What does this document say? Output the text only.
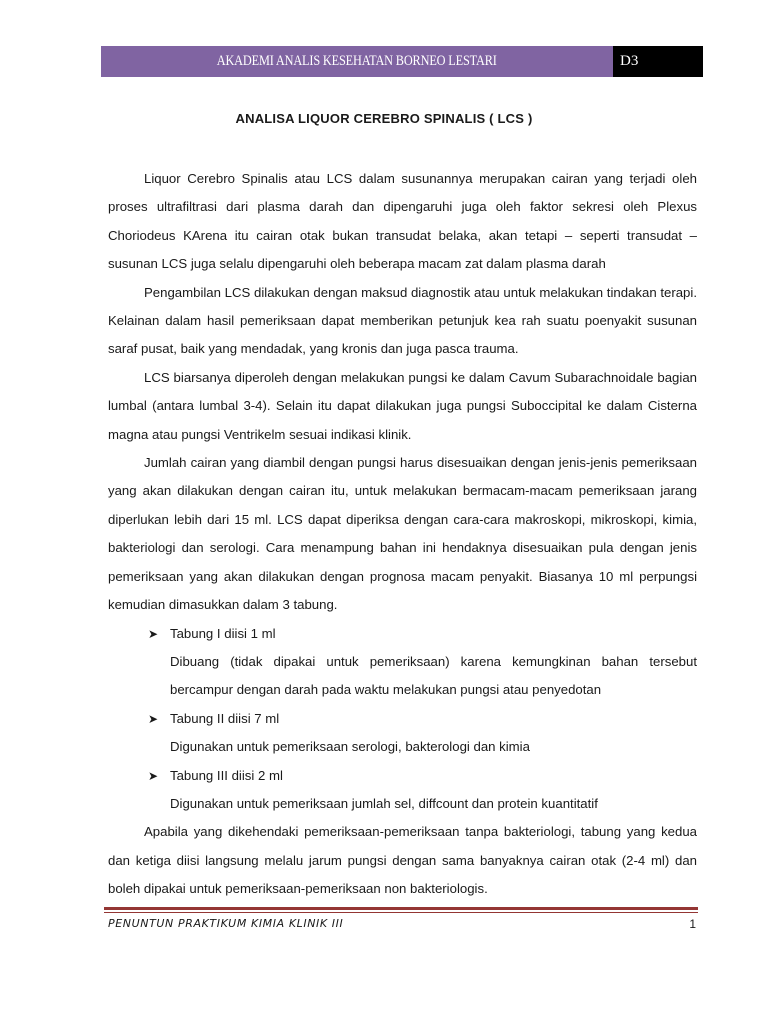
AKADEMI ANALIS KESEHATAN BORNEO LESTARI	D3
ANALISA LIQUOR CEREBRO SPINALIS ( LCS )

Liquor Cerebro Spinalis atau LCS dalam susunannya merupakan cairan yang terjadi oleh proses ultrafiltrasi dari plasma darah dan dipengaruhi juga oleh faktor sekresi oleh Plexus Choriodeus KArena itu cairan otak bukan transudat belaka, akan tetapi – seperti transudat – susunan LCS juga selalu dipengaruhi oleh beberapa macam zat dalam plasma darah

Pengambilan LCS dilakukan dengan maksud diagnostik atau untuk melakukan tindakan terapi. Kelainan dalam hasil pemeriksaan dapat memberikan petunjuk kea rah suatu poenyakit susunan saraf pusat, baik yang mendadak, yang kronis dan juga pasca trauma.

LCS biarsanya diperoleh dengan melakukan pungsi ke dalam Cavum Subarachnoidale bagian lumbal (antara lumbal 3-4). Selain itu dapat dilakukan juga pungsi Suboccipital ke dalam Cisterna magna atau pungsi Ventrikelm sesuai indikasi klinik.

Jumlah cairan yang diambil dengan pungsi harus disesuaikan dengan jenis-jenis pemeriksaan yang akan dilakukan dengan cairan itu, untuk melakukan bermacam-macam pemeriksaan jarang diperlukan lebih dari 15 ml. LCS dapat diperiksa dengan cara-cara makroskopi, mikroskopi, kimia, bakteriologi dan serologi. Cara menampung bahan ini hendaknya disesuaikan pula dengan jenis pemeriksaan yang akan dilakukan dengan prognosa macam penyakit. Biasanya 10 ml perpungsi kemudian dimasukkan dalam 3 tabung.

➤ Tabung I diisi 1 ml

Dibuang (tidak dipakai untuk pemeriksaan) karena kemungkinan bahan tersebut bercampur dengan darah pada waktu melakukan pungsi atau penyedotan

➤ Tabung II diisi 7 ml

Digunakan untuk pemeriksaan serologi, bakterologi dan kimia

➤ Tabung III diisi 2 ml

Digunakan untuk pemeriksaan jumlah sel, diffcount dan protein kuantitatif

Apabila yang dikehendaki pemeriksaan-pemeriksaan tanpa bakteriologi, tabung yang kedua dan ketiga diisi langsung melalu jarum pungsi dengan sama banyaknya cairan otak (2-4 ml) dan boleh dipakai untuk pemeriksaan-pemeriksaan non bakteriologis.

PENUNTUN PRAKTIKUM KIMIA KLINIK III	1
